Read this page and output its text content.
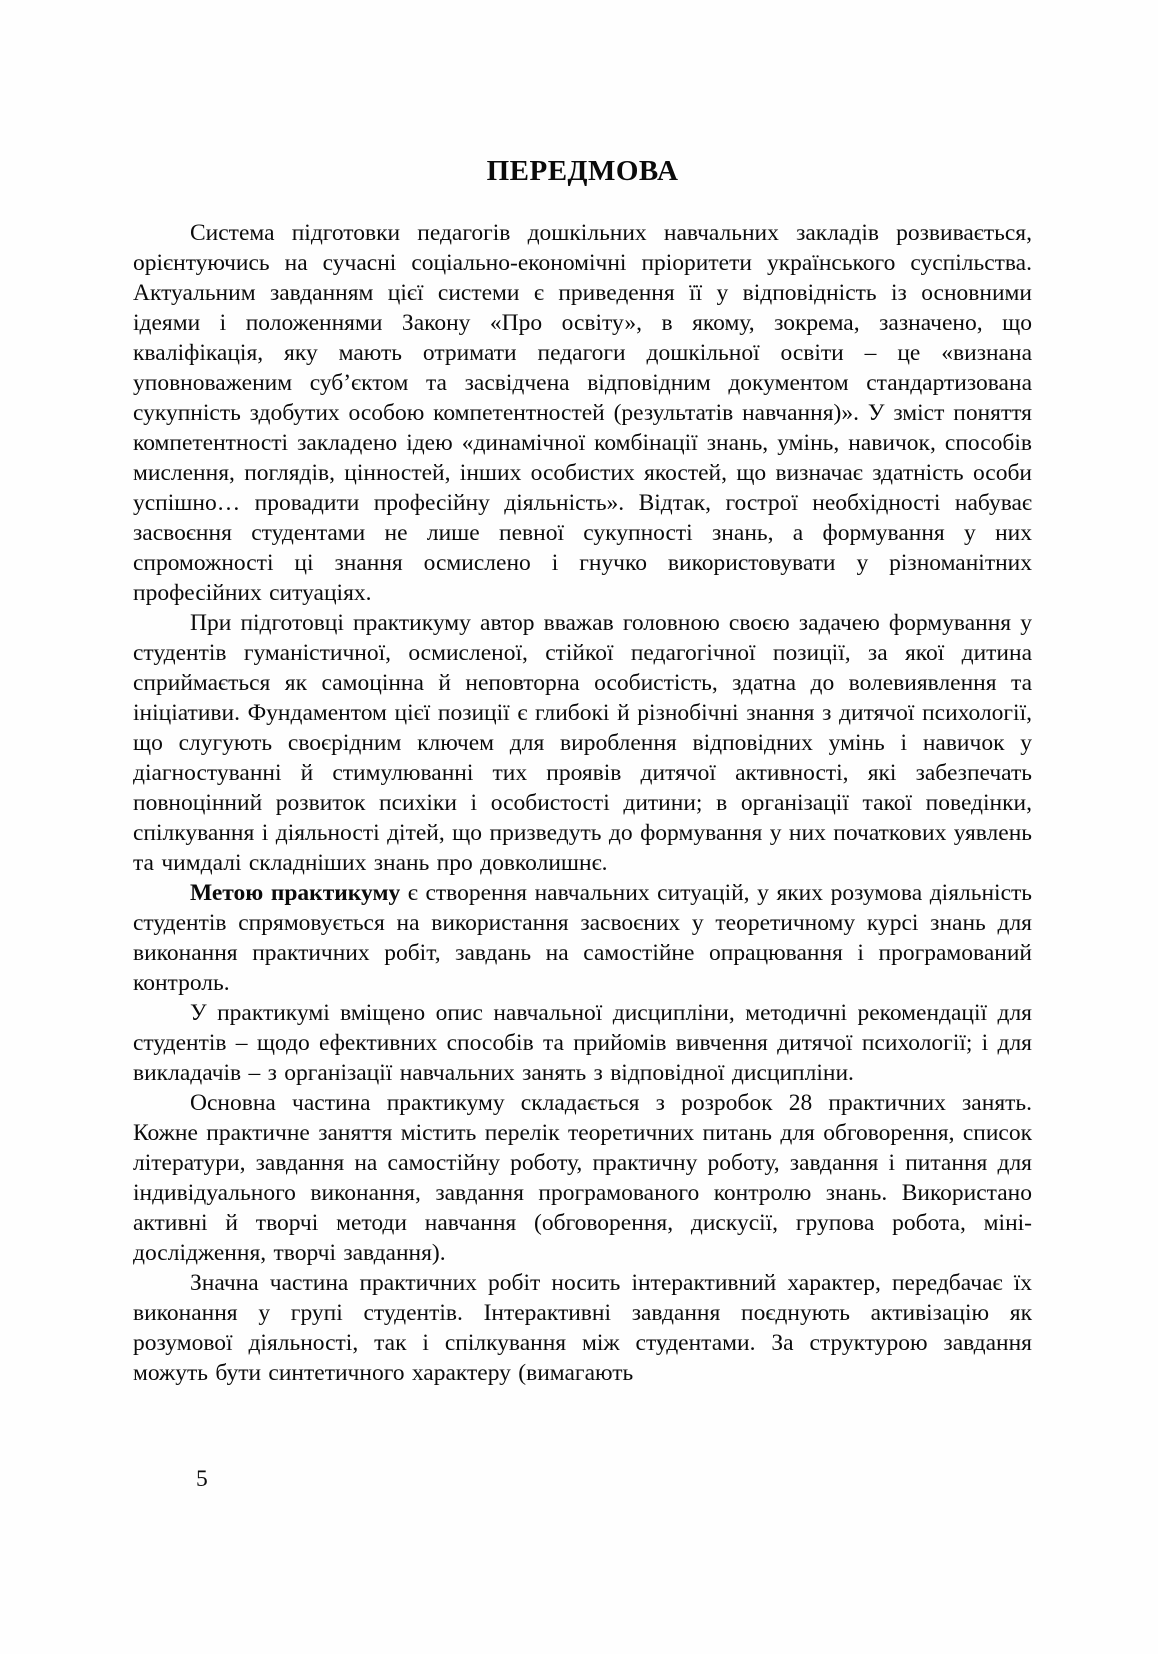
ПЕРЕДМОВА

Система підготовки педагогів дошкільних навчальних закладів розвивається, орієнтуючись на сучасні соціально-економічні пріоритети українського суспільства. Актуальним завданням цієї системи є приведення її у відповідність із основними ідеями і положеннями Закону «Про освіту», в якому, зокрема, зазначено, що кваліфікація, яку мають отримати педагоги дошкільної освіти – це «визнана уповноваженим суб’єктом та засвідчена відповідним документом стандартизована сукупність здобутих особою компетентностей (результатів навчання)». У зміст поняття компетентності закладено ідею «динамічної комбінації знань, умінь, навичок, способів мислення, поглядів, цінностей, інших особистих якостей, що визначає здатність особи успішно… провадити професійну діяльність». Відтак, гострої необхідності набуває засвоєння студентами не лише певної сукупності знань, а формування у них спроможності ці знання осмислено і гнучко використовувати у різноманітних професійних ситуаціях.

При підготовці практикуму автор вважав головною своєю задачею формування у студентів гуманістичної, осмисленої, стійкої педагогічної позиції, за якої дитина сприймається як самоцінна й неповторна особистість, здатна до волевиявлення та ініціативи. Фундаментом цієї позиції є глибокі й різнобічні знання з дитячої психології, що слугують своєрідним ключем для вироблення відповідних умінь і навичок у діагностуванні й стимулюванні тих проявів дитячої активності, які забезпечать повноцінний розвиток психіки і особистості дитини; в організації такої поведінки, спілкування і діяльності дітей, що призведуть до формування у них початкових уявлень та чимдалі складніших знань про довколишнє.

Метою практикуму є створення навчальних ситуацій, у яких розумова діяльність студентів спрямовується на використання засвоєних у теоретичному курсі знань для виконання практичних робіт, завдань на самостійне опрацювання і програмований контроль.

У практикумі вміщено опис навчальної дисципліни, методичні рекомендації для студентів – щодо ефективних способів та прийомів вивчення дитячої психології; і для викладачів – з організації навчальних занять з відповідної дисципліни.

Основна частина практикуму складається з розробок 28 практичних занять. Кожне практичне заняття містить перелік теоретичних питань для обговорення, список літератури, завдання на самостійну роботу, практичну роботу, завдання і питання для індивідуального виконання, завдання програмованого контролю знань. Використано активні й творчі методи навчання (обговорення, дискусії, групова робота, міні-дослідження, творчі завдання).

Значна частина практичних робіт носить інтерактивний характер, передбачає їх виконання у групі студентів. Інтерактивні завдання поєднують активізацію як розумової діяльності, так і спілкування між студентами. За структурою завдання можуть бути синтетичного характеру (вимагають

5
